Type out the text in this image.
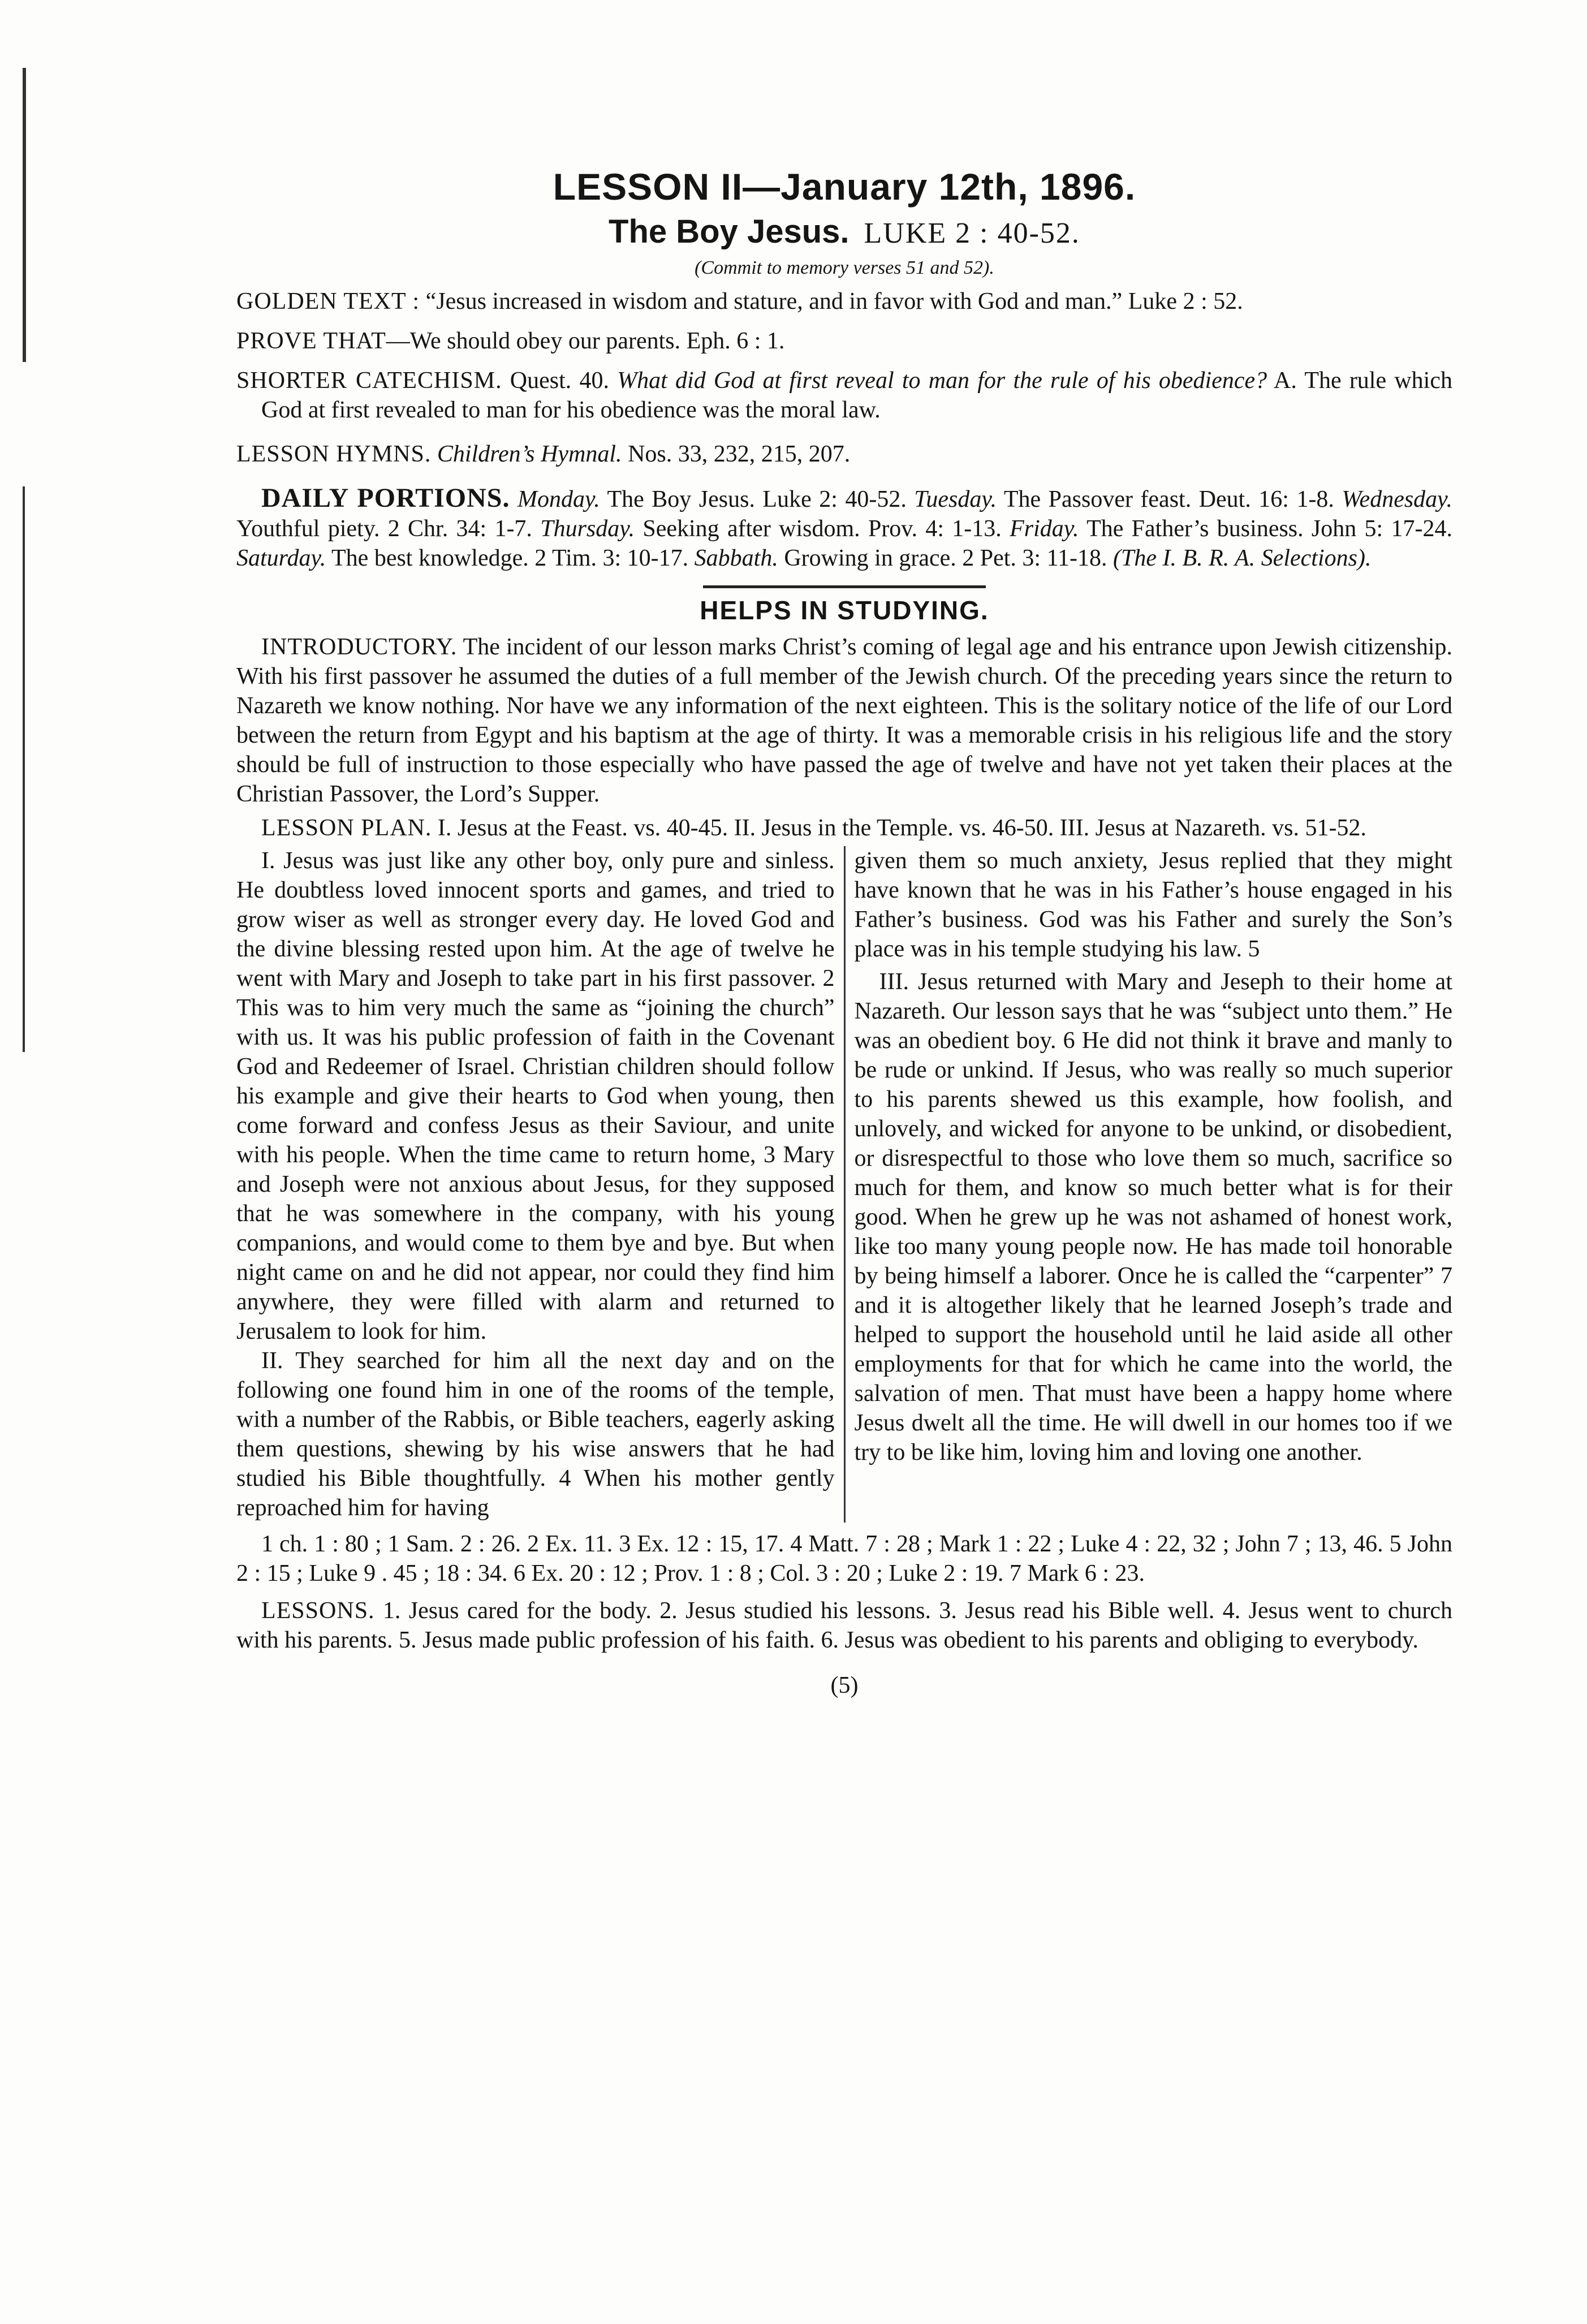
LESSON II—January 12th, 1896.
The Boy Jesus. LUKE 2 : 40-52.
(Commit to memory verses 51 and 52).

GOLDEN TEXT : “Jesus increased in wisdom and stature, and in favor with God and man.” Luke 2 : 52.

PROVE THAT—We should obey our parents. Eph. 6 : 1.

SHORTER CATECHISM. Quest. 40. What did God at first reveal to man for the rule of his obedience? A. The rule which God at first revealed to man for his obedience was the moral law.

LESSON HYMNS. Children’s Hymnal. Nos. 33, 232, 215, 207.

DAILY PORTIONS. Monday. The Boy Jesus. Luke 2: 40-52. Tuesday. The Passover feast. Deut. 16: 1-8. Wednesday. Youthful piety. 2 Chr. 34: 1-7. Thursday. Seeking after wisdom. Prov. 4: 1-13. Friday. The Father’s business. John 5: 17-24. Saturday. The best knowledge. 2 Tim. 3: 10-17. Sabbath. Growing in grace. 2 Pet. 3: 11-18. (The I. B. R. A. Selections).

HELPS IN STUDYING.

INTRODUCTORY. The incident of our lesson marks Christ’s coming of legal age and his entrance upon Jewish citizenship. With his first passover he assumed the duties of a full member of the Jewish church. Of the preceding years since the return to Nazareth we know nothing. Nor have we any information of the next eighteen. This is the solitary notice of the life of our Lord between the return from Egypt and his baptism at the age of thirty. It was a memorable crisis in his religious life and the story should be full of instruction to those especially who have passed the age of twelve and have not yet taken their places at the Christian Passover, the Lord’s Supper.

LESSON PLAN. I. Jesus at the Feast. vs. 40-45. II. Jesus in the Temple. vs. 46-50. III. Jesus at Nazareth. vs. 51-52.

I. Jesus was just like any other boy, only pure and sinless. He doubtless loved innocent sports and games, and tried to grow wiser as well as stronger every day. He loved God and the divine blessing rested upon him. At the age of twelve he went with Mary and Joseph to take part in his first passover. 2 This was to him very much the same as “joining the church” with us. It was his public profession of faith in the Covenant God and Redeemer of Israel. Christian children should follow his example and give their hearts to God when young, then come forward and confess Jesus as their Saviour, and unite with his people. When the time came to return home, 3 Mary and Joseph were not anxious about Jesus, for they supposed that he was somewhere in the company, with his young companions, and would come to them bye and bye. But when night came on and he did not appear, nor could they find him anywhere, they were filled with alarm and returned to Jerusalem to look for him.

II. They searched for him all the next day and on the following one found him in one of the rooms of the temple, with a number of the Rabbis, or Bible teachers, eagerly asking them questions, shewing by his wise answers that he had studied his Bible thoughtfully. 4 When his mother gently reproached him for having

given them so much anxiety, Jesus replied that they might have known that he was in his Father’s house engaged in his Father’s business. God was his Father and surely the Son’s place was in his temple studying his law. 5

III. Jesus returned with Mary and Jeseph to their home at Nazareth. Our lesson says that he was “subject unto them.” He was an obedient boy. 6 He did not think it brave and manly to be rude or unkind. If Jesus, who was really so much superior to his parents shewed us this example, how foolish, and unlovely, and wicked for anyone to be unkind, or disobedient, or disrespectful to those who love them so much, sacrifice so much for them, and know so much better what is for their good. When he grew up he was not ashamed of honest work, like too many young people now. He has made toil honorable by being himself a laborer. Once he is called the “carpenter” 7 and it is altogether likely that he learned Joseph’s trade and helped to support the household until he laid aside all other employments for that for which he came into the world, the salvation of men. That must have been a happy home where Jesus dwelt all the time. He will dwell in our homes too if we try to be like him, loving him and loving one another.

1 ch. 1 : 80 ; 1 Sam. 2 : 26. 2 Ex. 11. 3 Ex. 12 : 15, 17. 4 Matt. 7 : 28 ; Mark 1 : 22 ; Luke 4 : 22, 32 ; John 7 ; 13, 46. 5 John 2 : 15 ; Luke 9 . 45 ; 18 : 34. 6 Ex. 20 : 12 ; Prov. 1 : 8 ; Col. 3 : 20 ; Luke 2 : 19. 7 Mark 6 : 23.

LESSONS. 1. Jesus cared for the body. 2. Jesus studied his lessons. 3. Jesus read his Bible well. 4. Jesus went to church with his parents. 5. Jesus made public profession of his faith. 6. Jesus was obedient to his parents and obliging to everybody.

(5)
